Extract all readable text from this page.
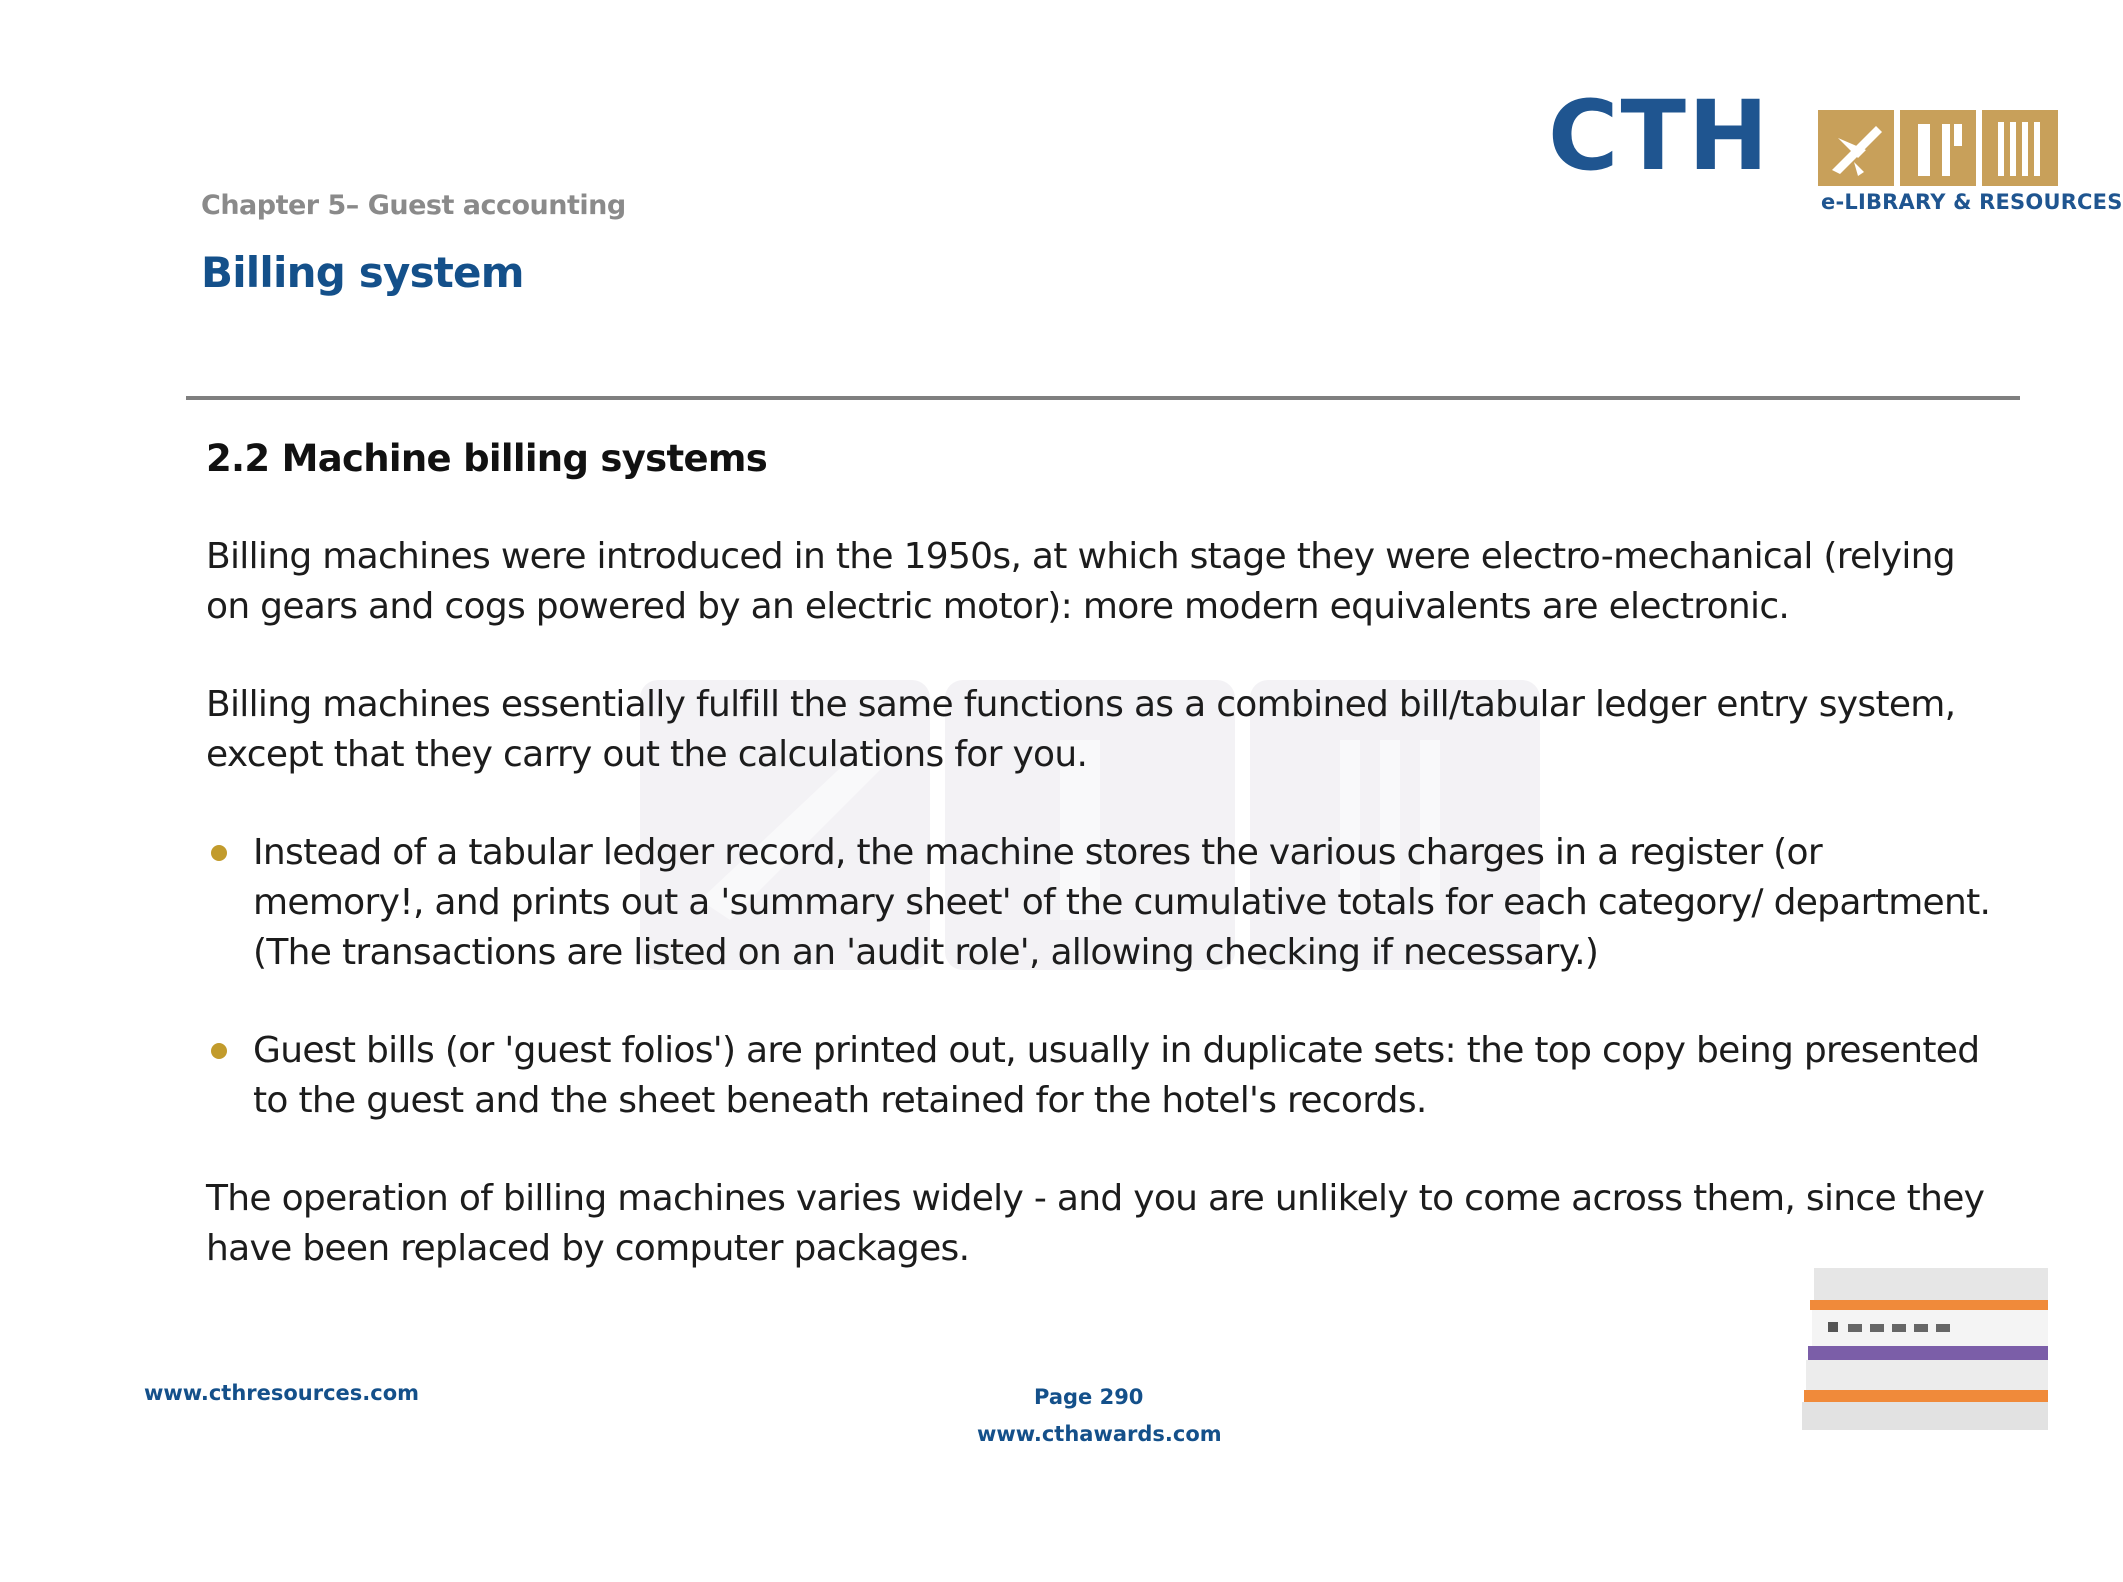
Chapter 5– Guest accounting
Billing system
CTH
e-LIBRARY & RESOURCES
2.2 Machine billing systems

Billing machines were introduced in the 1950s, at which stage they were electro-mechanical (relying on gears and cogs powered by an electric motor): more modern equivalents are electronic.

Billing machines essentially fulfill the same functions as a combined bill/tabular ledger entry system, except that they carry out the calculations for you.

Instead of a tabular ledger record, the machine stores the various charges in a register (or memory!, and prints out a 'summary sheet' of the cumulative totals for each category/ department. (The transactions are listed on an 'audit role', allowing checking if necessary.)
Guest bills (or 'guest folios') are printed out, usually in duplicate sets: the top copy being presented to the guest and the sheet beneath retained for the hotel's records.

The operation of billing machines varies widely - and you are unlikely to come across them, since they have been replaced by computer packages.

www.cthresources.com	Page 290
www.cthawards.com
